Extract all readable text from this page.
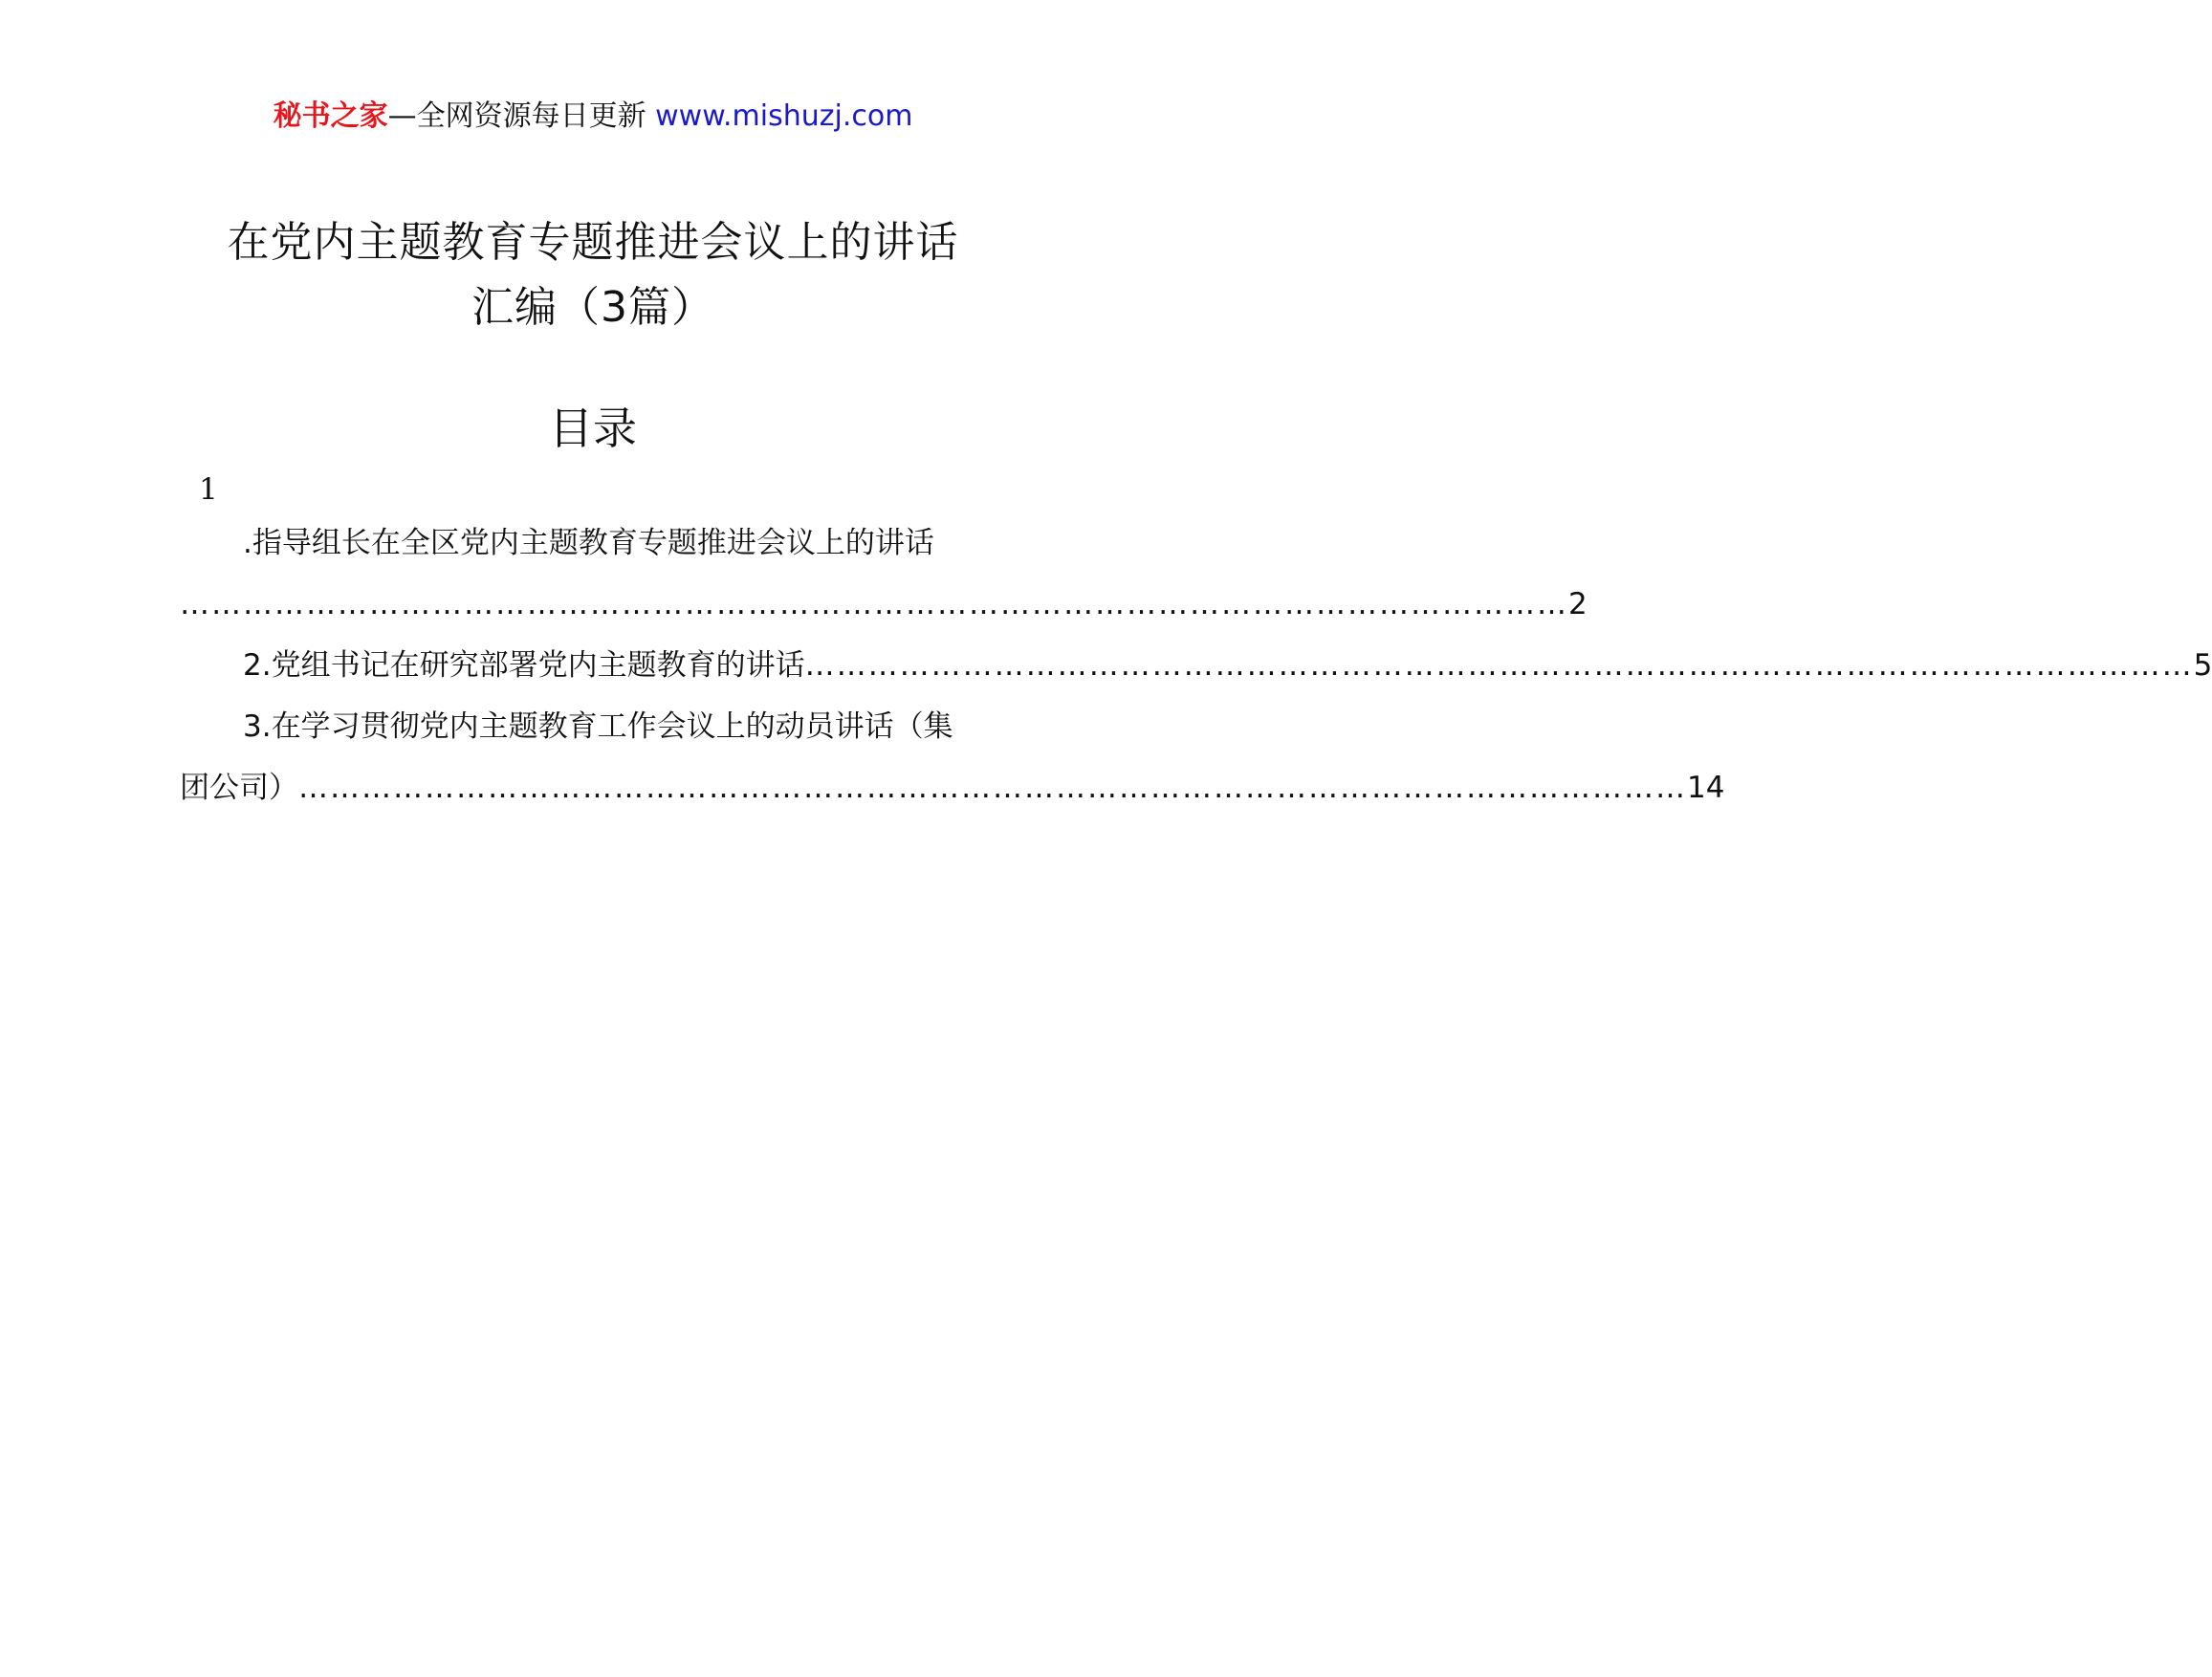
秘书之家—全网资源每日更新 www.mishuzj.com
在党内主题教育专题推进会议上的讲话
汇编（3篇）
目录
1
.指导组长在全区党内主题教育专题推进会议上的讲话
…………………………………………………………………………………………………………………… 2
2.党组书记在研究部署党内主题教育的讲话 …………………………………………………………………………………………………………………… 5
3.在学习贯彻党内主题教育工作会议上的动员讲话（集
团公司） …………………………………………………………………………………………………………………… 14
